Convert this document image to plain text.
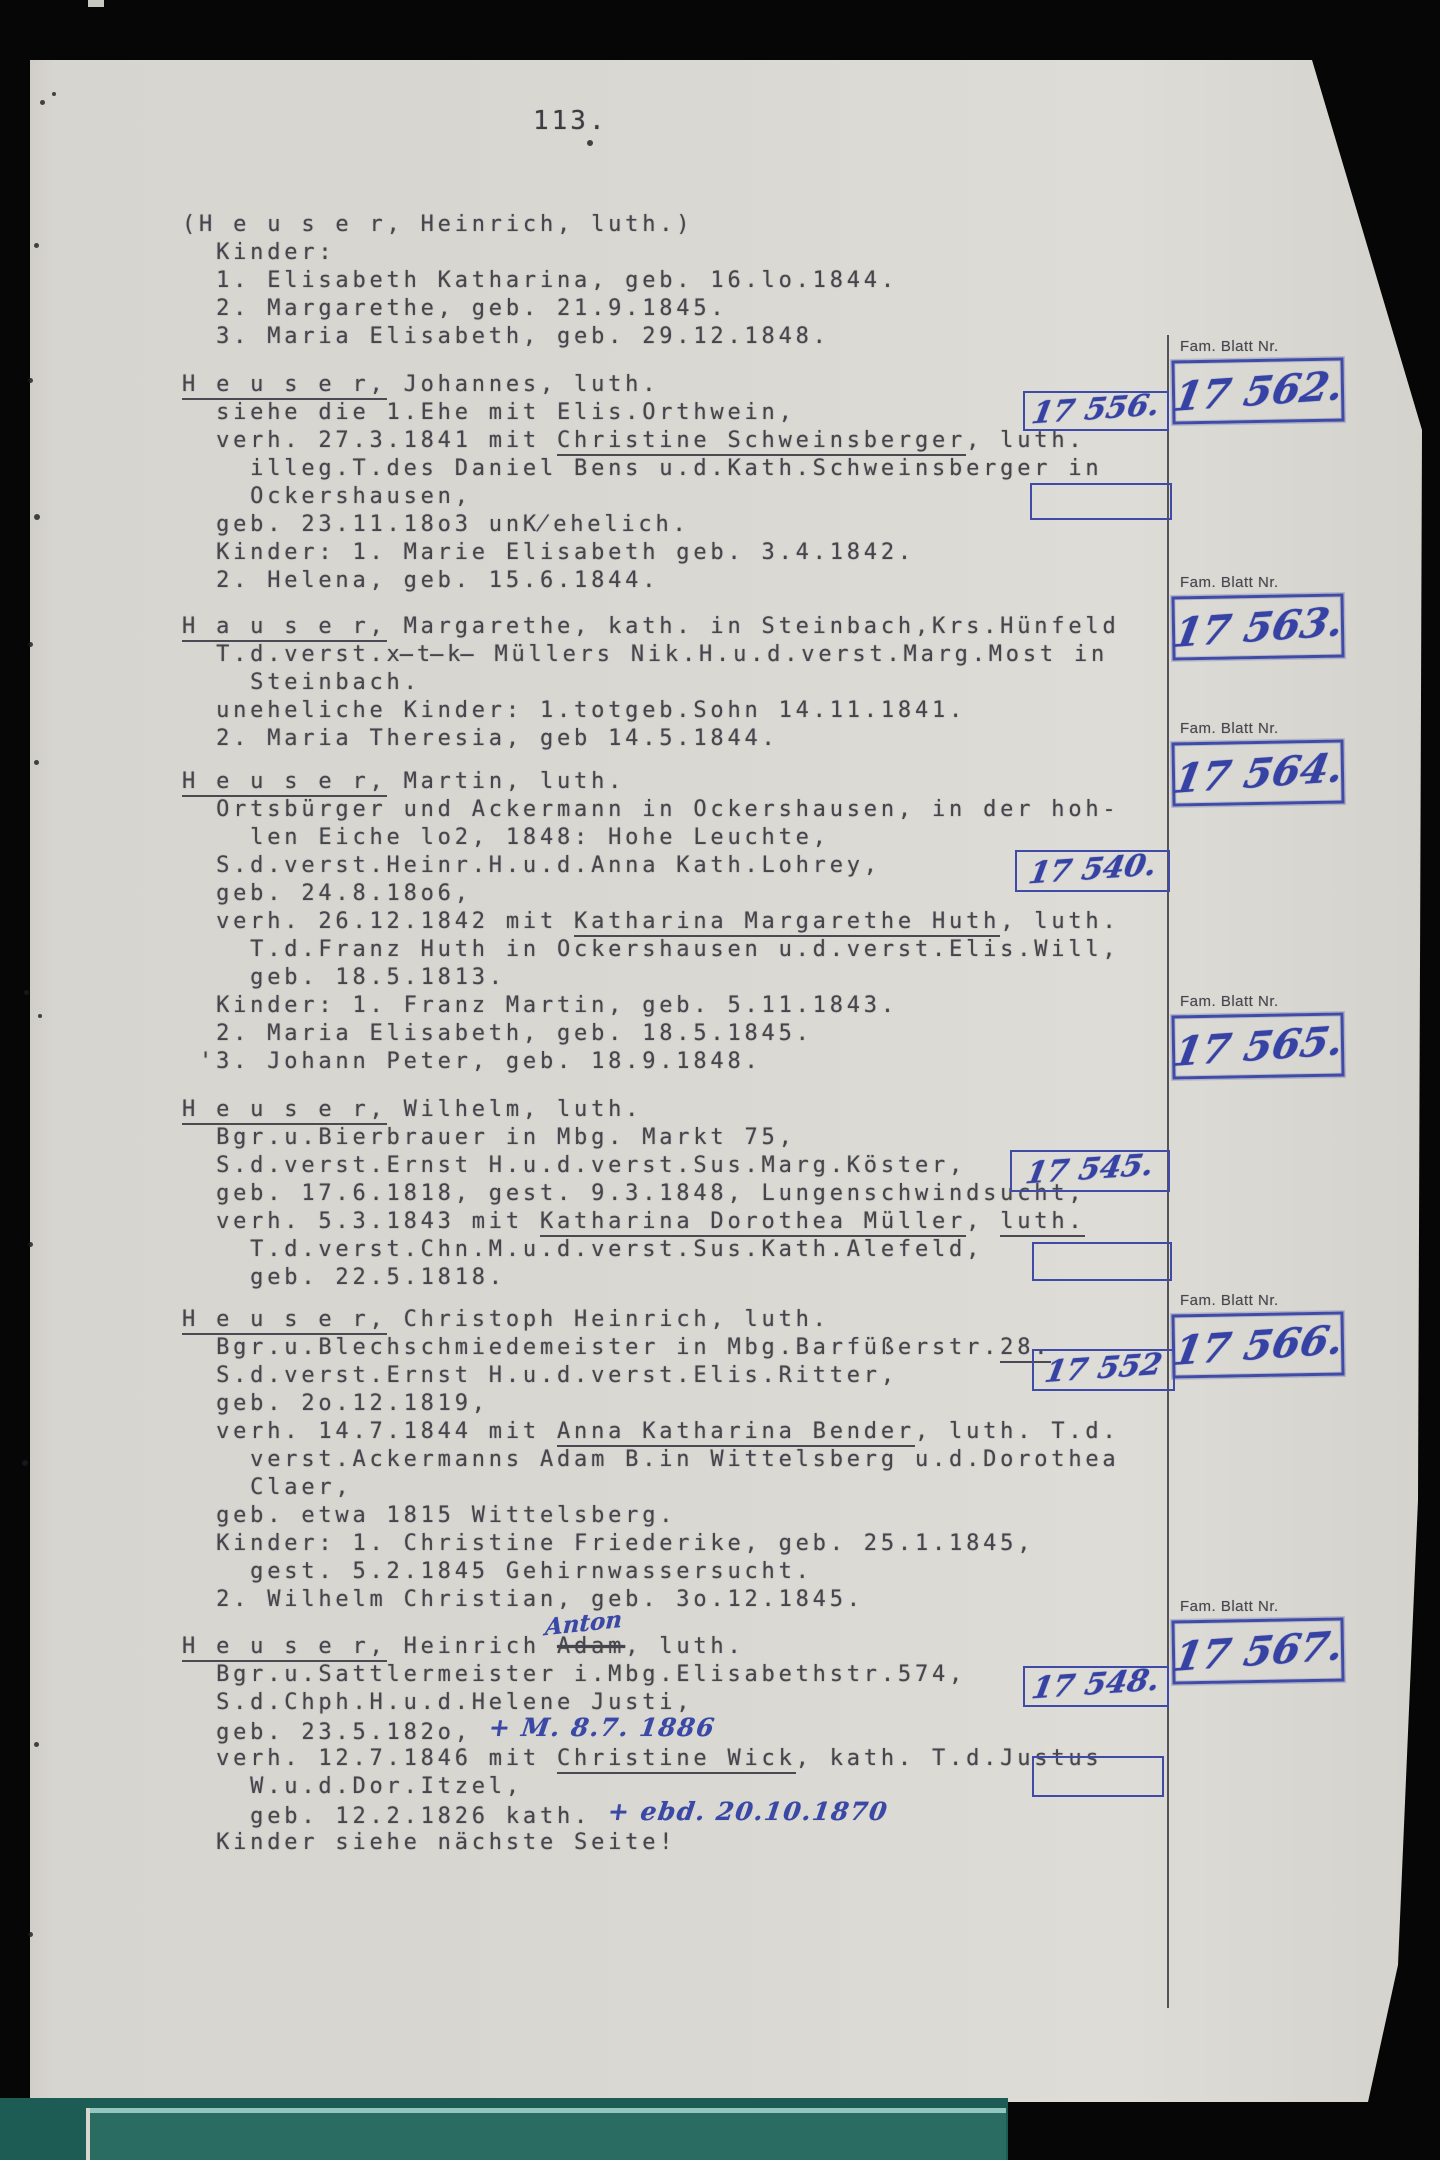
113.
(H e u s e r, Heinrich, luth.)
Kinder:
1. Elisabeth Katharina, geb. 16.lo.1844.
2. Margarethe, geb. 21.9.1845.
3. Maria Elisabeth, geb. 29.12.1848.
H e u s e r, Johannes, luth.
siehe die 1.Ehe mit Elis.Orthwein,
verh. 27.3.1841 mit Christine Schweinsberger, luth.
illeg.T.des Daniel Bens u.d.Kath.Schweinsberger in
Ockershausen,
geb. 23.11.18o3 unK̸ehelich.
Kinder: 1. Marie Elisabeth geb. 3.4.1842.
2. Helena, geb. 15.6.1844.
H a u s e r, Margarethe, kath. in Steinbach,Krs.Hünfeld
T.d.verst.x̶t̶k̶ Müllers Nik.H.u.d.verst.Marg.Most in
Steinbach.
uneheliche Kinder: 1.totgeb.Sohn 14.11.1841.
2. Maria Theresia, geb 14.5.1844.
H e u s e r, Martin, luth.
Ortsbürger und Ackermann in Ockershausen, in der hoh-
len Eiche lo2, 1848: Hohe Leuchte,
S.d.verst.Heinr.H.u.d.Anna Kath.Lohrey,
geb. 24.8.18o6,
verh. 26.12.1842 mit Katharina Margarethe Huth, luth.
T.d.Franz Huth in Ockershausen u.d.verst.Elis.Will,
geb. 18.5.1813.
Kinder: 1. Franz Martin, geb. 5.11.1843.
2. Maria Elisabeth, geb. 18.5.1845.
'3. Johann Peter, geb. 18.9.1848.
H e u s e r, Wilhelm, luth.
Bgr.u.Bierbrauer in Mbg. Markt 75,
S.d.verst.Ernst H.u.d.verst.Sus.Marg.Köster,
geb. 17.6.1818, gest. 9.3.1848, Lungenschwindsucht,
verh. 5.3.1843 mit Katharina Dorothea Müller, luth.
T.d.verst.Chn.M.u.d.verst.Sus.Kath.Alefeld,
geb. 22.5.1818.
H e u s e r, Christoph Heinrich, luth.
Bgr.u.Blechschmiedemeister in Mbg.Barfüßerstr.28.
S.d.verst.Ernst H.u.d.verst.Elis.Ritter,
geb. 2o.12.1819,
verh. 14.7.1844 mit Anna Katharina Bender, luth. T.d.
verst.Ackermanns Adam B.in Wittelsberg u.d.Dorothea
Claer,
geb. etwa 1815 Wittelsberg.
Kinder: 1. Christine Friederike, geb. 25.1.1845,
gest. 5.2.1845 Gehirnwassersucht.
2. Wilhelm Christian, geb. 3o.12.1845.
H e u s e r, Heinrich Adam, luth.
Bgr.u.Sattlermeister i.Mbg.Elisabethstr.574,
S.d.Chph.H.u.d.Helene Justi,
geb. 23.5.182o, + M. 8.7. 1886
verh. 12.7.1846 mit Christine Wick, kath. T.d.Justus
W.u.d.Dor.Itzel,
geb. 12.2.1826 kath. + ebd. 20.10.1870
Kinder siehe nächste Seite!
Fam. Blatt Nr.
17 562.
Fam. Blatt Nr.
17 563.
Fam. Blatt Nr.
17 564.
Fam. Blatt Nr.
17 565.
Fam. Blatt Nr.
17 566.
Fam. Blatt Nr.
17 567.
17 556.
17 540.
17 545.
17 552
17 548.
Anton
